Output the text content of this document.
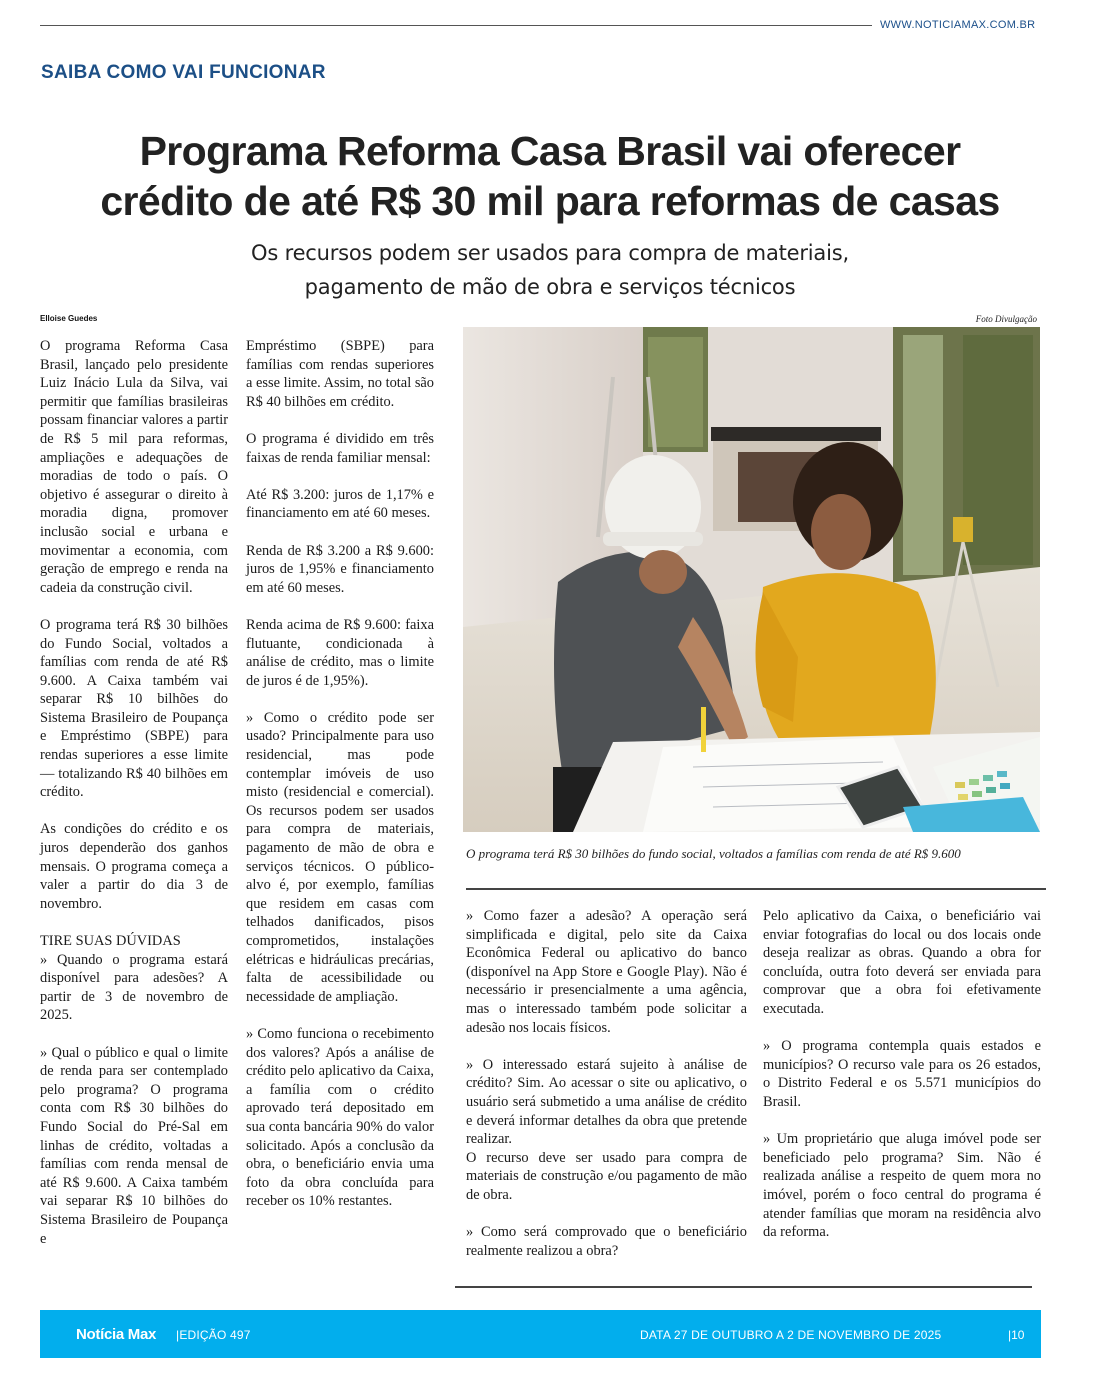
WWW.NOTICIAMAX.COM.BR
SAIBA COMO VAI FUNCIONAR
Programa Reforma Casa Brasil vai oferecer
crédito de até R$ 30 mil para reformas de casas
Os recursos podem ser usados para compra de materiais,
pagamento de mão de obra e serviços técnicos
Elloise Guedes	Foto Divulgação

O programa Reforma Casa Brasil, lançado pelo presidente Luiz Inácio Lula da Silva, vai permitir que famílias brasileiras possam financiar valores a partir de R$ 5 mil para reformas, ampliações e adequações de moradias de todo o país. O objetivo é assegurar o direito à moradia digna, promover inclusão social e urbana e movimentar a economia, com geração de emprego e renda na cadeia da construção civil.

O programa terá R$ 30 bilhões do Fundo Social, voltados a famílias com renda de até R$ 9.600. A Caixa também vai separar R$ 10 bilhões do Sistema Brasileiro de Poupança e Empréstimo (SBPE) para rendas superiores a esse limite — totalizando R$ 40 bilhões em crédito.

As condições do crédito e os juros dependerão dos ganhos mensais. O programa começa a valer a partir do dia 3 de novembro.

TIRE SUAS DÚVIDAS

» Quando o programa estará disponível para adesões? A partir de 3 de novembro de 2025.

» Qual o público e qual o limite de renda para ser contemplado pelo programa? O programa conta com R$ 30 bilhões do Fundo Social do Pré-Sal em linhas de crédito, voltadas a famílias com renda mensal de até R$ 9.600. A Caixa também vai separar R$ 10 bilhões do Sistema Brasileiro de Poupança e

Empréstimo (SBPE) para famílias com rendas superiores a esse limite. Assim, no total são R$ 40 bilhões em crédito.

O programa é dividido em três faixas de renda familiar mensal:

Até R$ 3.200: juros de 1,17% e financiamento em até 60 meses.

Renda de R$ 3.200 a R$ 9.600: juros de 1,95% e financiamento em até 60 meses.

Renda acima de R$ 9.600: faixa flutuante, condicionada à análise de crédito, mas o limite de juros é de 1,95%).

» Como o crédito pode ser usado? Principalmente para uso residencial, mas pode contemplar imóveis de uso misto (residencial e comercial). Os recursos podem ser usados para compra de materiais, pagamento de mão de obra e serviços técnicos. O público-alvo é, por exemplo, famílias que residem em casas com telhados danificados, pisos comprometidos, instalações elétricas e hidráulicas precárias, falta de acessibilidade ou necessidade de ampliação.

» Como funciona o recebimento dos valores? Após a análise de crédito pelo aplicativo da Caixa, a família com o crédito aprovado terá depositado em sua conta bancária 90% do valor solicitado. Após a conclusão da obra, o beneficiário envia uma foto da obra concluída para receber os 10% restantes.

O programa terá R$ 30 bilhões do fundo social, voltados a famílias com renda de até R$ 9.600

» Como fazer a adesão? A operação será simplificada e digital, pelo site da Caixa Econômica Federal ou aplicativo do banco (disponível na App Store e Google Play). Não é necessário ir presencialmente a uma agência, mas o interessado também pode solicitar a adesão nos locais físicos.

» O interessado estará sujeito à análise de crédito? Sim. Ao acessar o site ou aplicativo, o usuário será submetido a uma análise de crédito e deverá informar detalhes da obra que pretende realizar.

O recurso deve ser usado para compra de materiais de construção e/ou pagamento de mão de obra.

» Como será comprovado que o beneficiário realmente realizou a obra?

Pelo aplicativo da Caixa, o beneficiário vai enviar fotografias do local ou dos locais onde deseja realizar as obras. Quando a obra for concluída, outra foto deverá ser enviada para comprovar que a obra foi efetivamente executada.

» O programa contempla quais estados e municípios? O recurso vale para os 26 estados, o Distrito Federal e os 5.571 municípios do Brasil.

» Um proprietário que aluga imóvel pode ser beneficiado pelo programa? Sim. Não é realizada análise a respeito de quem mora no imóvel, porém o foco central do programa é atender famílias que moram na residência alvo da reforma.

Notícia Max |EDIÇÃO 497	DATA 27 DE OUTUBRO A 2 DE NOVEMBRO DE 2025	|10
